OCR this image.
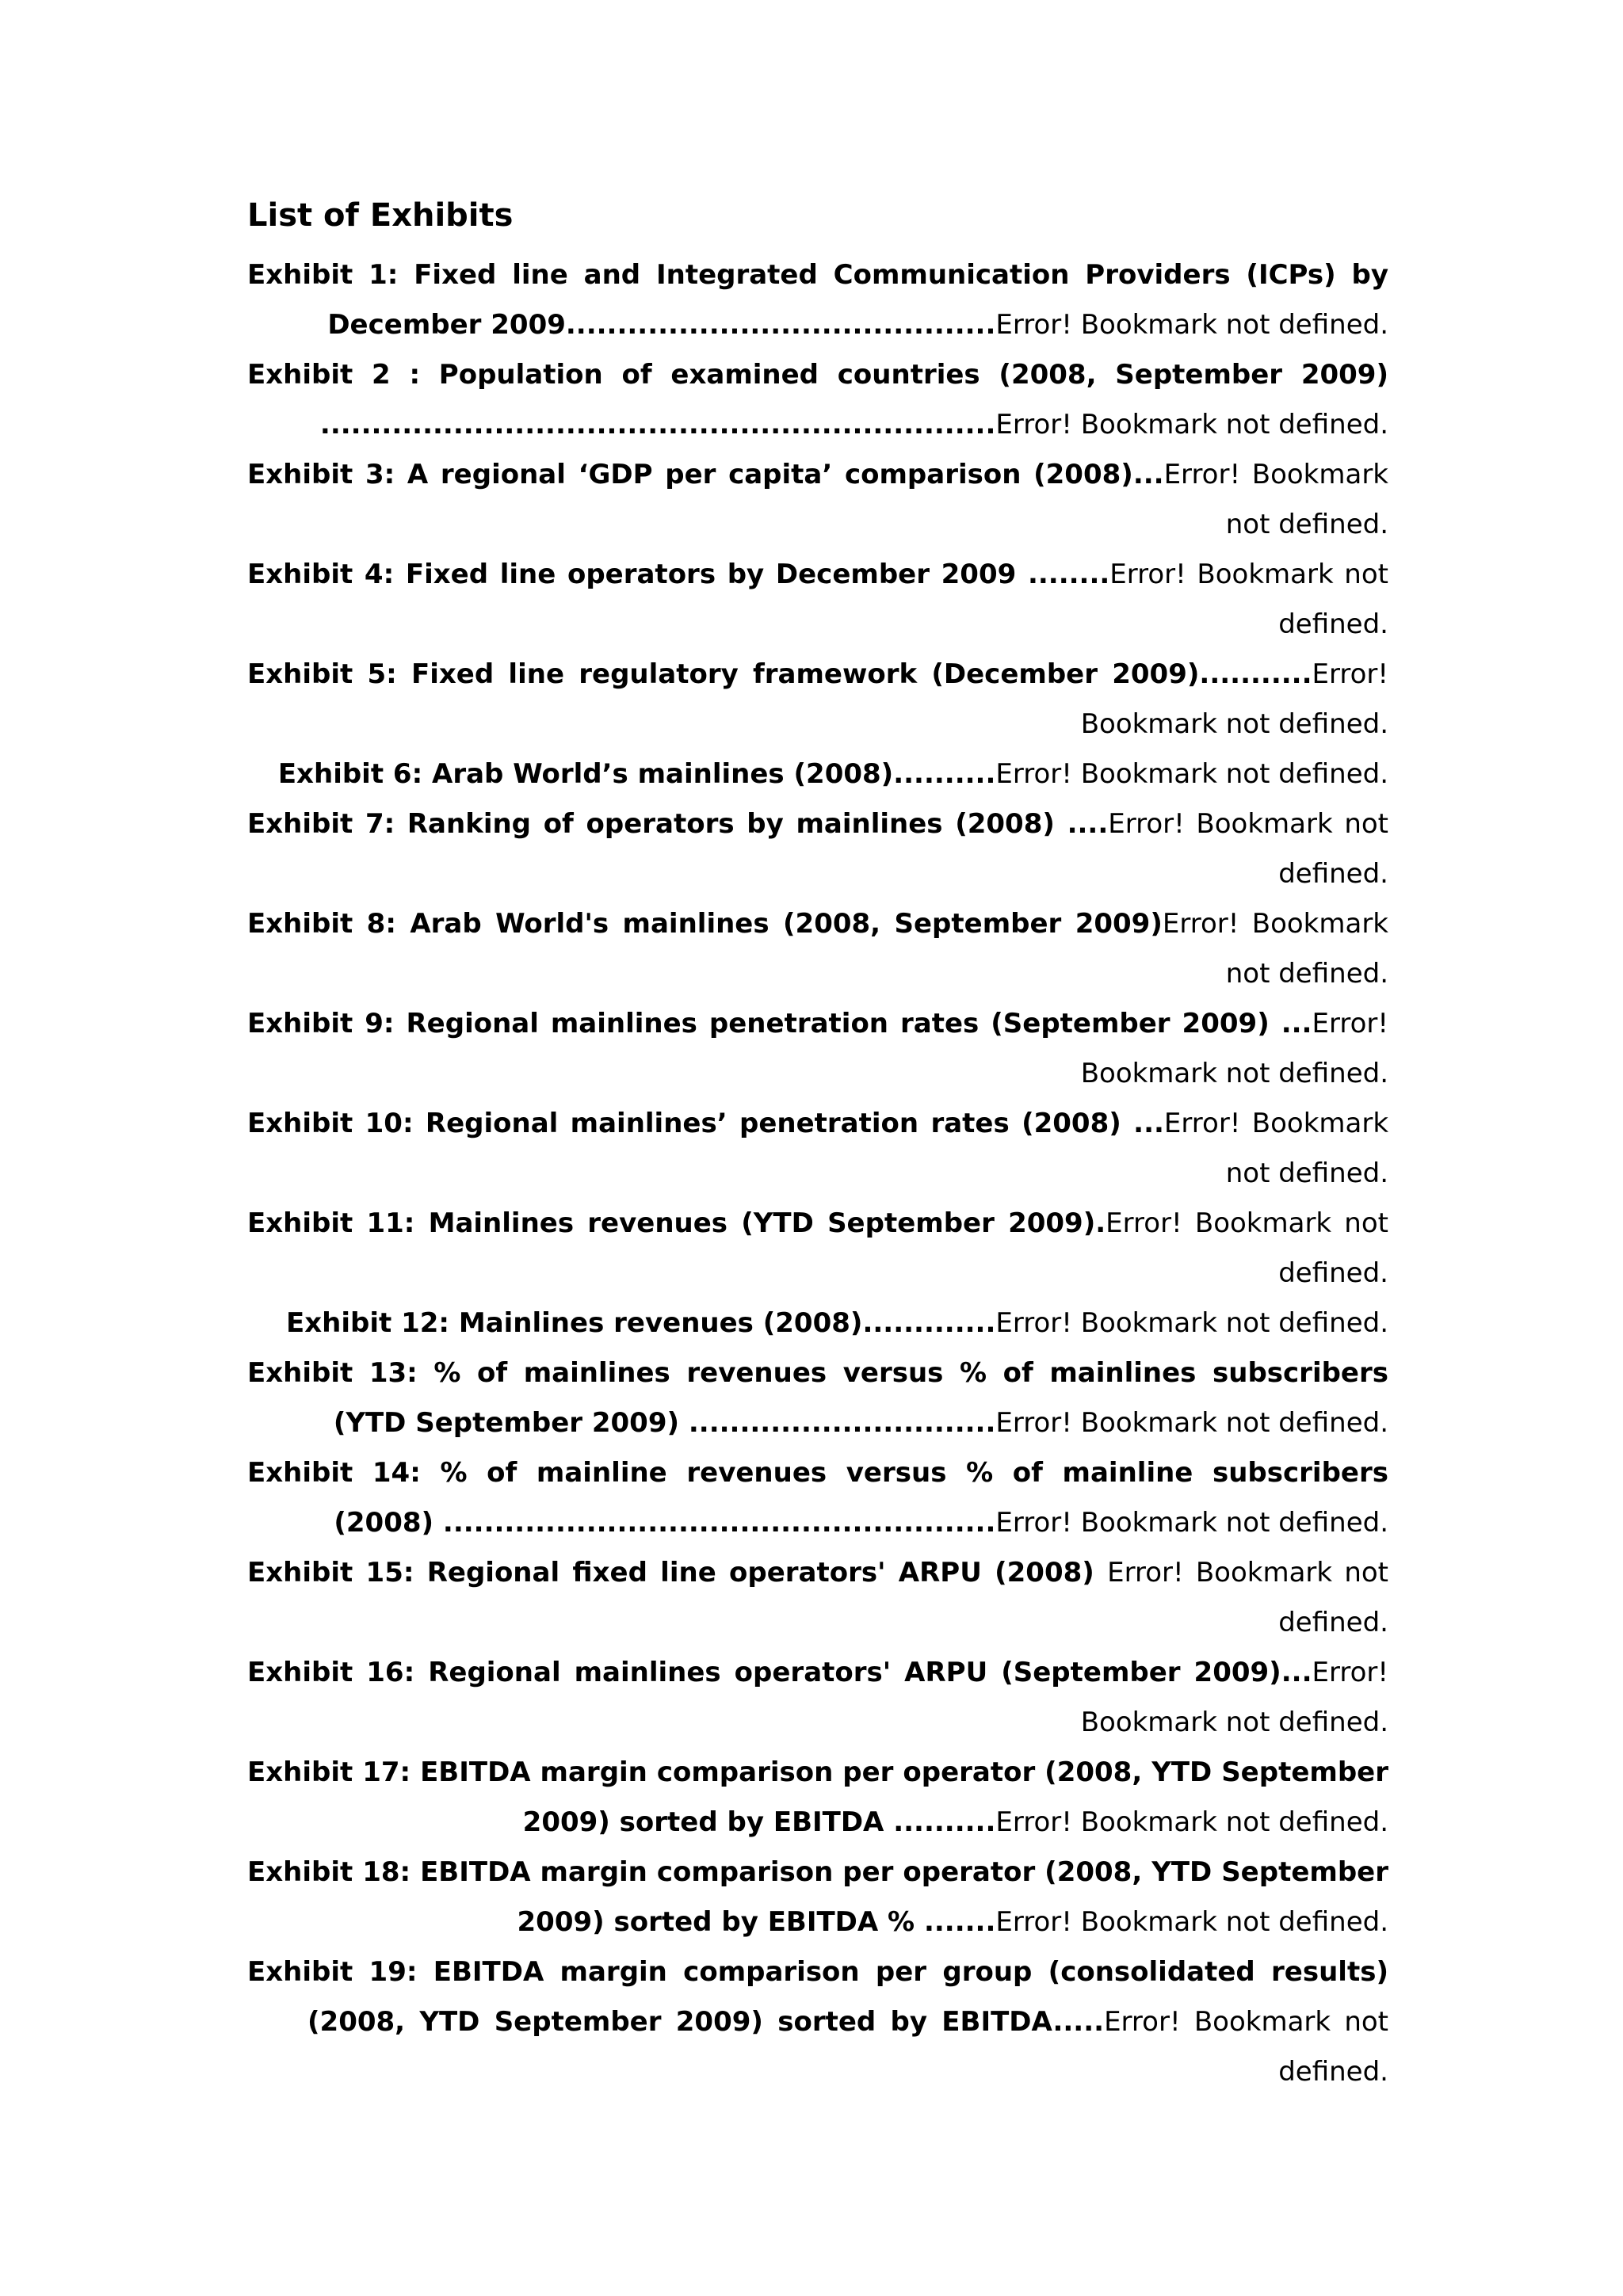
List of Exhibits
Exhibit 1: Fixed line and Integrated Communication Providers (ICPs) by December 2009..........................................Error! Bookmark not defined.
Exhibit 2 : Population of examined countries (2008, September 2009) ..................................................................Error! Bookmark not defined.
Exhibit 3: A regional ‘GDP per capita’ comparison (2008)...Error! Bookmark not defined.
Exhibit 4: Fixed line operators by December 2009 ........Error! Bookmark not defined.
Exhibit 5: Fixed line regulatory framework (December 2009)...........Error! Bookmark not defined.
Exhibit 6: Arab World’s mainlines (2008)..........Error! Bookmark not defined.
Exhibit 7: Ranking of operators by mainlines (2008) ....Error! Bookmark not defined.
Exhibit 8: Arab World's mainlines (2008, September 2009)Error! Bookmark not defined.
Exhibit 9: Regional mainlines penetration rates (September 2009) ...Error! Bookmark not defined.
Exhibit 10: Regional mainlines’ penetration rates (2008) ...Error! Bookmark not defined.
Exhibit 11: Mainlines revenues (YTD September 2009).Error! Bookmark not defined.
Exhibit 12: Mainlines revenues (2008).............Error! Bookmark not defined.
Exhibit 13: % of mainlines revenues versus % of mainlines subscribers (YTD September 2009) ..............................Error! Bookmark not defined.
Exhibit 14: % of mainline revenues versus % of mainline subscribers (2008) ......................................................Error! Bookmark not defined.
Exhibit 15: Regional fixed line operators' ARPU (2008) Error! Bookmark not defined.
Exhibit 16: Regional mainlines operators' ARPU (September 2009)...Error! Bookmark not defined.
Exhibit 17: EBITDA margin comparison per operator (2008, YTD September 2009) sorted by EBITDA ..........Error! Bookmark not defined.
Exhibit 18: EBITDA margin comparison per operator (2008, YTD September 2009) sorted by EBITDA % .......Error! Bookmark not defined.
Exhibit 19: EBITDA margin comparison per group (consolidated results) (2008, YTD September 2009) sorted by EBITDA.....Error! Bookmark not defined.
